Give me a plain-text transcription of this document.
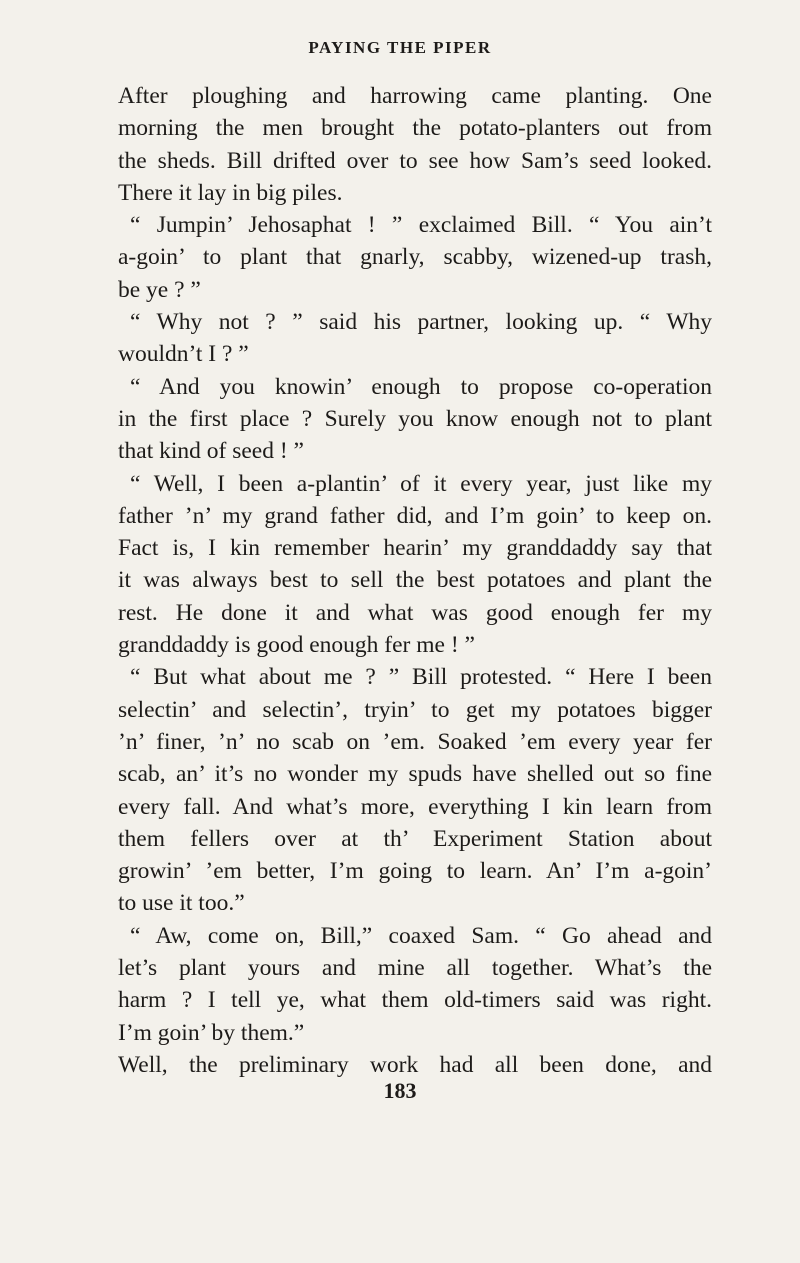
PAYING THE PIPER
After ploughing and harrowing came planting. One
morning the men brought the potato-planters out from
the sheds. Bill drifted over to see how Sam’s seed looked.
There it lay in big piles.
“ Jumpin’ Jehosaphat ! ” exclaimed Bill. “ You ain’t
a-goin’ to plant that gnarly, scabby, wizened-up trash,
be ye ? ”
“ Why not ? ” said his partner, looking up. “ Why
wouldn’t I ? ”
“ And you knowin’ enough to propose co-operation
in the first place ? Surely you know enough not to plant
that kind of seed ! ”
“ Well, I been a-plantin’ of it every year, just like my
father ’n’ my grand father did, and I’m goin’ to keep on.
Fact is, I kin remember hearin’ my granddaddy say that
it was always best to sell the best potatoes and plant the
rest. He done it and what was good enough fer my
granddaddy is good enough fer me ! ”
“ But what about me ? ” Bill protested. “ Here I been
selectin’ and selectin’, tryin’ to get my potatoes bigger
’n’ finer, ’n’ no scab on ’em. Soaked ’em every year fer
scab, an’ it’s no wonder my spuds have shelled out so fine
every fall. And what’s more, everything I kin learn from
them fellers over at th’ Experiment Station about
growin’ ’em better, I’m going to learn. An’ I’m a-goin’
to use it too.”
“ Aw, come on, Bill,” coaxed Sam. “ Go ahead and
let’s plant yours and mine all together. What’s the
harm ? I tell ye, what them old-timers said was right.
I’m goin’ by them.”
Well, the preliminary work had all been done, and
183
